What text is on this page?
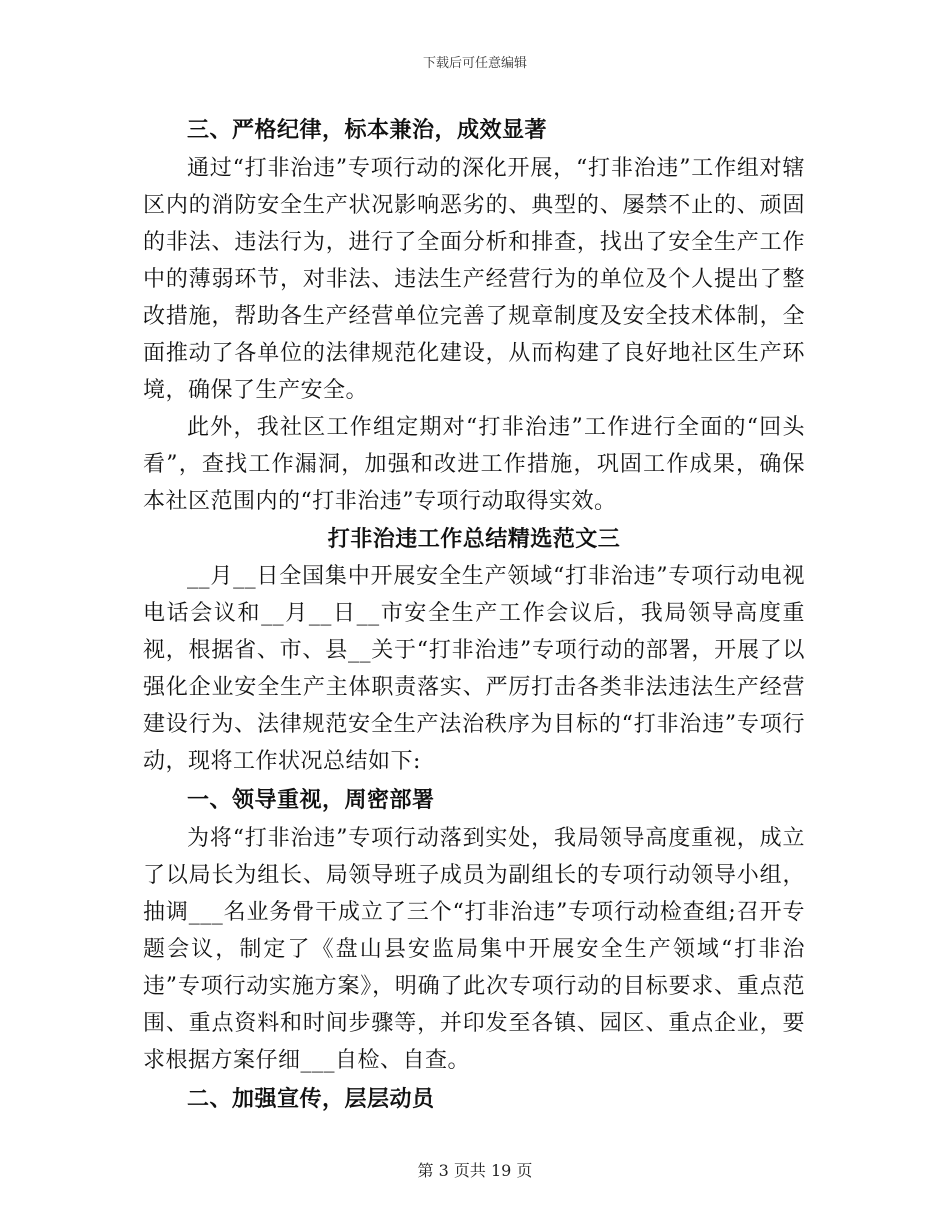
下载后可任意编辑

三、严格纪律，标本兼治，成效显著

通过“打非治违”专项行动的深化开展，“打非治违”工作组对辖区内的消防安全生产状况影响恶劣的、典型的、屡禁不止的、顽固的非法、违法行为，进行了全面分析和排查，找出了安全生产工作中的薄弱环节，对非法、违法生产经营行为的单位及个人提出了整改措施，帮助各生产经营单位完善了规章制度及安全技术体制，全面推动了各单位的法律规范化建设，从而构建了良好地社区生产环境，确保了生产安全。

此外，我社区工作组定期对“打非治违”工作进行全面的“回头看”，查找工作漏洞，加强和改进工作措施，巩固工作成果，确保本社区范围内的“打非治违”专项行动取得实效。

打非治违工作总结精选范文三

__月__日全国集中开展安全生产领域“打非治违”专项行动电视电话会议和__月__日__市安全生产工作会议后，我局领导高度重视，根据省、市、县__关于“打非治违”专项行动的部署，开展了以强化企业安全生产主体职责落实、严厉打击各类非法违法生产经营建设行为、法律规范安全生产法治秩序为目标的“打非治违”专项行动，现将工作状况总结如下:

一、领导重视，周密部署

为将“打非治违”专项行动落到实处，我局领导高度重视，成立了以局长为组长、局领导班子成员为副组长的专项行动领导小组，抽调___名业务骨干成立了三个“打非治违”专项行动检查组;召开专题会议，制定了《盘山县安监局集中开展安全生产领域“打非治违”专项行动实施方案》，明确了此次专项行动的目标要求、重点范围、重点资料和时间步骤等，并印发至各镇、园区、重点企业，要求根据方案仔细___自检、自查。

二、加强宣传，层层动员

第 3 页共 19 页
